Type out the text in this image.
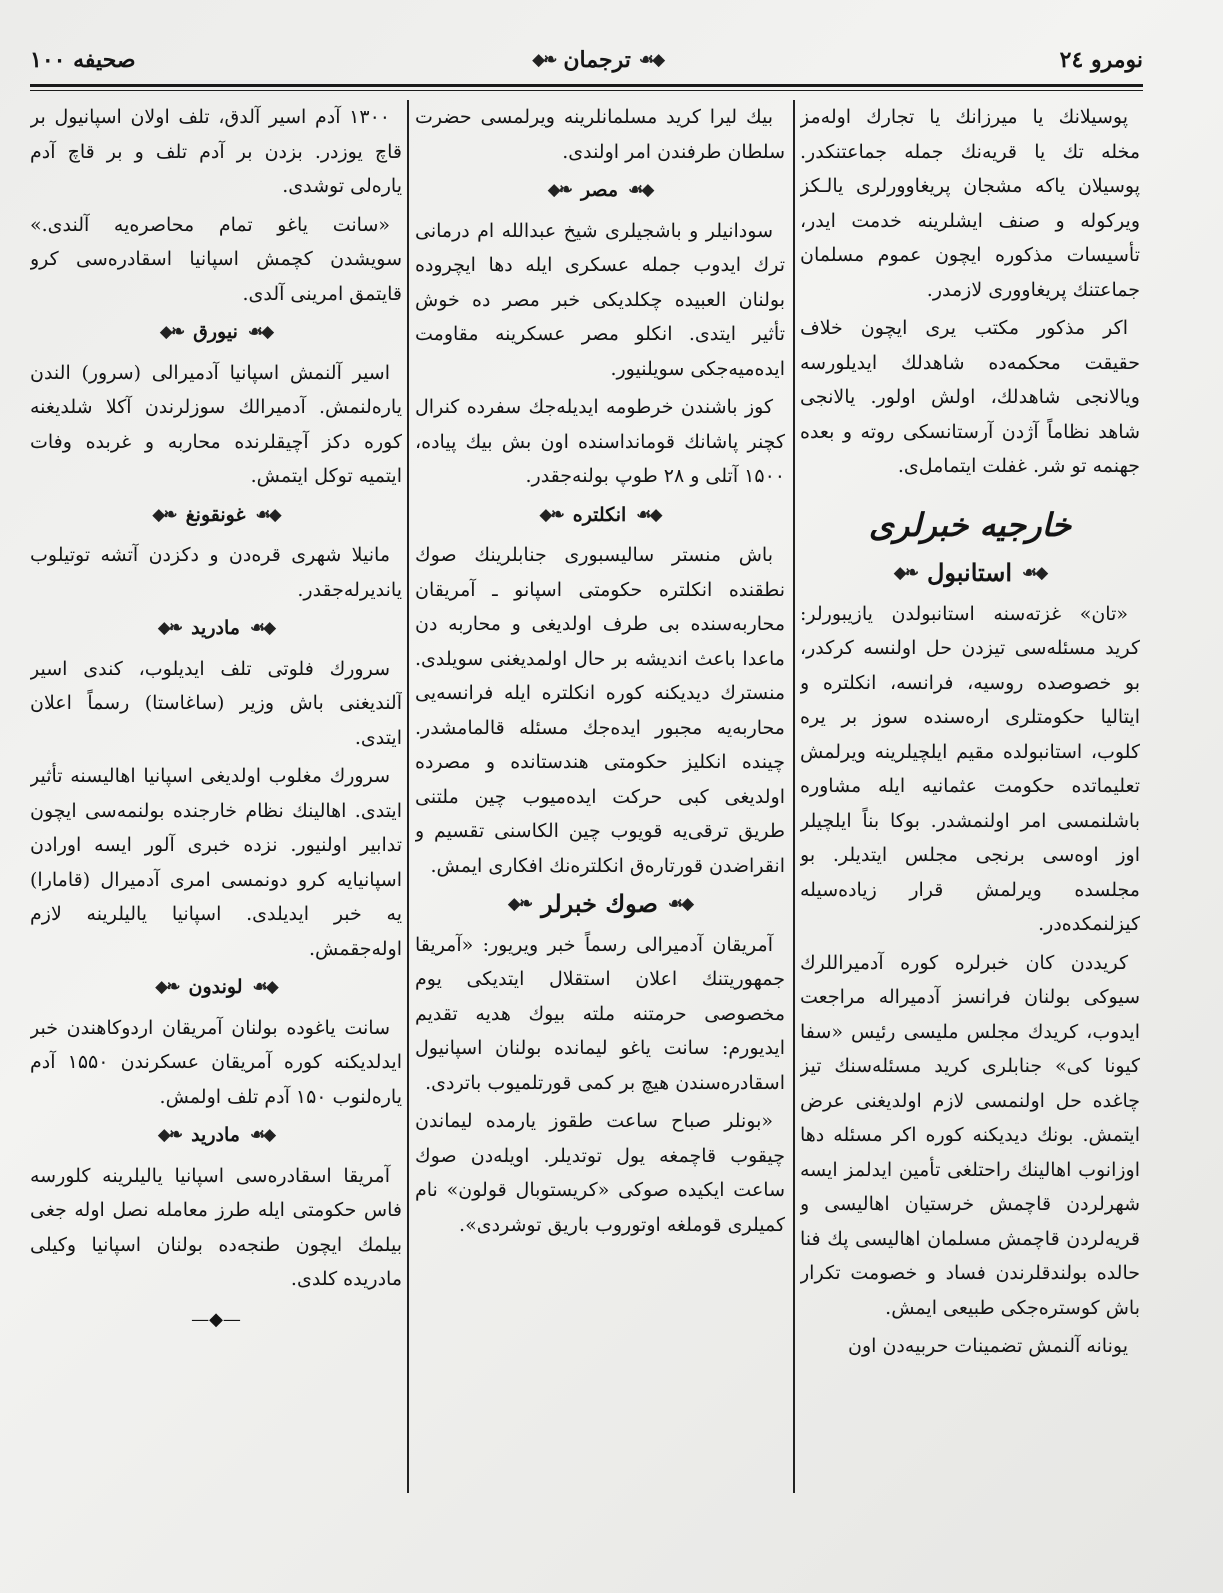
نومرو ۲٤
◆☙
ترجمان
❧◆
صحیفه ۱۰۰

پوسیلانك یا میرزانك یا تجارك اوله‌مز مخله تك یا قریه‌نك جمله جماعتنكدر. پوسیلان یاکه مشجان پریغاوورلری یالـکز ویرکوله و صنف ایشلرینه خدمت ایدر، تأسیسات مذکوره ایچون عموم مسلمان جماعتنك پریغاووری لازمدر.

اکر مذکور مکتب یری ایچون خلاف حقیقت محکمه‌ده شاهدلك ایدیلورسه ویالانجی شاهدلك، اولش اولور. یالانجی شاهد نظاماً آژدن آرستانسکی روته و بعده جهنمه تو شر. غفلت ایتمامل‌ی.

خارجیه خبرلری
◆☙
استانبول
❧◆

«تان» غزته‌سنه استانبولدن یازیبورلر: کرید مسئله‌سی تیزدن حل اولنسه کرکدر، بو خصوصده روسیه، فرانسه، انکلتره و ایتالیا حکومتلری اره‌سنده سوز بر یره کلوب، استانبولده مقیم ایلچیلرینه ویرلمش تعلیماتده حکومت عثمانیه ایله مشاوره با‌شلنمسی امر اولنمشدر. بوکا بناً ایلچیلر اوز اوه‌سی برنجی مجلس ایتدیلر. بو مجلسده ویرلمش قرار زیاده‌سیله کیزلنمکده‌در.

کریددن کان خبرلره کوره آدمیراللرك سیوکی بولنان فرانسز آدمیراله مراجعت ایدوب، کریدك مجلس ملیسی رئیس «سفا کیونا کی» جنابلری کرید مسئله‌سنك تیز چاغده حل اولنمسی لازم اولدیغنی عرض ایتمش. بونك دیدیکنه کوره اکر مسئله دها اوزانوب اهالینك راحتلغی تأمین ایدلمز ایسه شهرلردن قاچمش خرستیان اهالیسی و قریه‌لردن قاچمش مسلمان اهالیسی پك فنا حالده بولندقلرندن فساد و خصومت تکرار باش کوستره‌جکی طبیعی ایمش.

یونانه آلنمش تضمینات حربیه‌دن اون

بیك لیرا کرید مسلمانلرینه ویرلمسی حضرت سلطان طرفندن امر اولندی.

◆☙
مصر
❧◆

سودانیلر و باشجیلری شیخ عبدالله ام درمانی ترك ایدوب جمله عسکری ایله دها ایچروده بولنان العبیده چکلدیکی خبر مصر ده خوش تأثیر ایتدی. انکلو مصر عسکرینه مقاومت ایده‌میه‌جکی سویلنیور.

کوز باشندن خرطومه ایدیله‌جك سفرده کنرال کچنر پاشانك قوماندا‌سنده اون بش بیك پیاده، ۱۵۰۰ آتلی و ۲۸ طوپ بولنه‌جقدر.

◆☙
انکلتره
❧◆

باش منستر سالیسبوری جنابلرینك صوك نطقنده انکلتره حکومتی اسپانو ـ آمریقان محاربه‌سنده بی طرف اولدیغی و محاربه دن ماعدا باعث اندیشه بر حال اولمدیغنی سویلدی. منسترك دیدیکنه کوره انکلتره ایله فرانسه‌یی محاربه‌یه مجبور ایده‌جك مسئله قالمامشدر. چینده انکلیز حکومتی هندستانده و مصرده اولدیغی کبی حرکت ایده‌میوب چین ملتنی طریق ترقی‌یه قویوب چین الکاسنی تقسیم و انقراضدن قورتاره‌ق انکلتره‌نك افکاری ایمش.

◆☙
صوك خبرلر
❧◆

آمریقان آدمیرالی رسماً خبر ویریور: «آمریقا جمهوریتنك اعلان استقلال ایتدیکی یوم مخصوصی حرمتنه ملته بیوك هدیه تقدیم ایدیورم: سانت یاغو لیمانده بولنان اسپانیول اسقادره‌سندن هیچ بر کمی قورتلمیوب باتردی.

«بونلر صباح ساعت طقوز یارمده لیماندن چیقوب قاچمغه یول توتدیلر. اویله‌دن صوك ساعت ایکیده صوکی «کریستوبال قولون» نام کمیلری قوملغه اوتوروب باریق توشردی».

۱۳۰۰ آدم اسیر آلدق، تلف اولان اسپانیول بر قاچ یوزدر. بزدن بر آدم تلف و بر قاچ آدم یاره‌لی توشدی.

«سانت یاغو تمام محاصره‌یه آلندی.» سویشدن کچمش اسپانیا اسقادره‌سی کرو قایتمق امرینی آلدی.

◆☙
نیورق
❧◆

اسیر آلنمش اسپانیا آدمیرالی (سرور) الندن یاره‌لنمش. آدمیرالك سوزلرندن آکلا شلدیغنه کوره دکز آچیقلرنده محاربه و غربده وفات ایتمیه توکل ایتمش.

◆☙
غونقونغ
❧◆

مانیلا شهری قره‌دن و دکزدن آتشه توتیلوب یاندیرله‌جقدر.

◆☙
مادرید
❧◆

سرورك فلوتی تلف ایدیلوب، کندی اسیر آلندیغنی باش وزیر (ساغاستا) رسماً اعلان ایتدی.

سرورك مغلوب اولدیغی اسپانیا اهالیسنه تأثیر ایتدی. اهالینك نظام خارجنده بولنمه‌سی ایچون تدابیر اولنیور. نزده خبری آلور ایسه اورادن اسپانیایه کرو دونمسی امری آدمیرال (قامارا) یه خبر ایدیلدی. اسپانیا یالیلرینه لازم اوله‌جقمش.

◆☙
لوندون
❧◆

سانت یاغوده بولنان آمریقان اردوکاهندن خبر ایدلدیکنه کوره آمریقان عسکرندن ۱۵۵۰ آدم یاره‌لنوب ۱۵۰ آدم تلف اولمش.

◆☙
مادرید
❧◆

آمریقا اسقادره‌سی اسپانیا یالیلرینه کلورسه فاس حکومتی ایله طرز معامله نصل اوله جغی بیلمك ایچون طنجه‌ده بولنان اسپانیا وکیلی مادریده کلدی.

—◆—
